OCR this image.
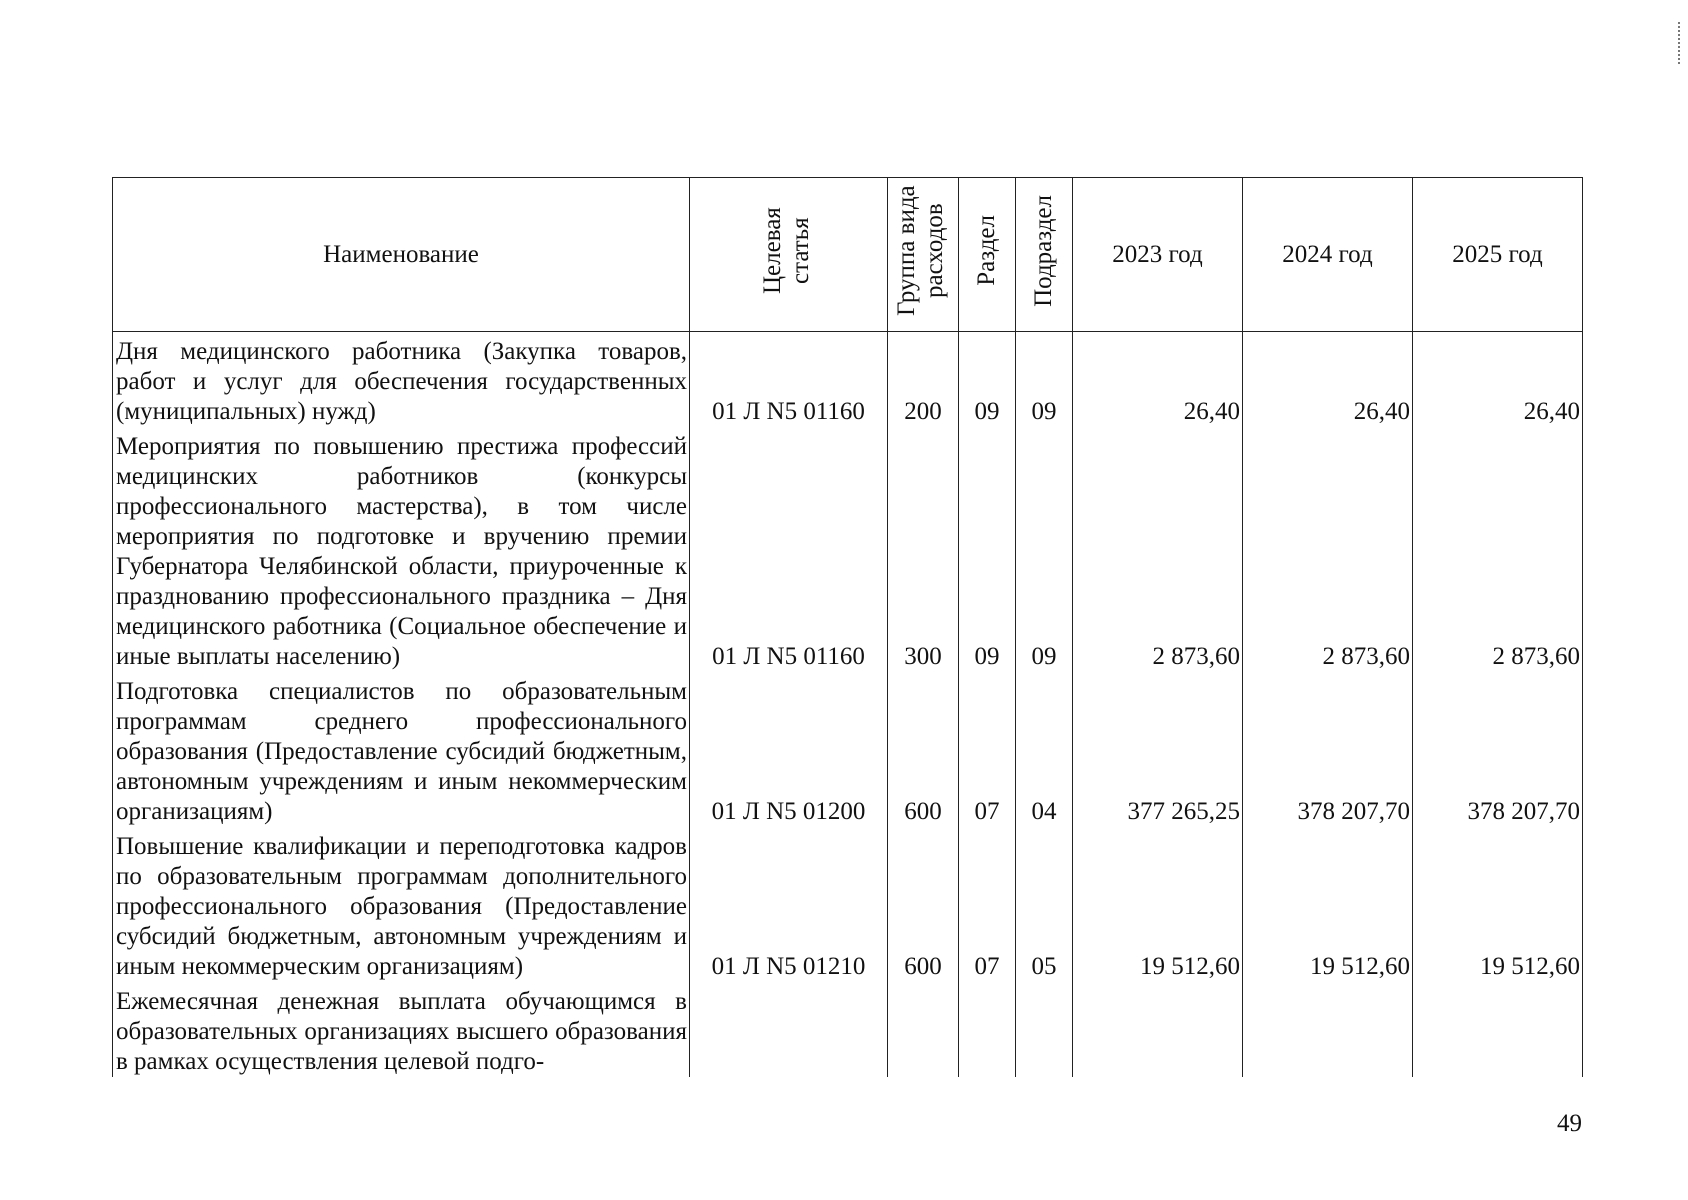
Наименование	Целевая статья	Группа вида расходов	Раздел	Подраздел	2023 год	2024 год	2025 год
Дня медицинского работника (Закупка товаров, работ и услуг для обеспечения государственных (муниципальных) нужд)	01 Л N5 01160	200	09	09	26,40	26,40	26,40
Мероприятия по повышению престижа профессий медицинских работников (конкурсы профессионального мастерства), в том числе мероприятия по подготовке и вручению премии Губернатора Челябинской области, приуроченные к празднованию профессионального праздника – Дня медицинского работника (Социальное обеспечение и иные выплаты населению)	01 Л N5 01160	300	09	09	2 873,60	2 873,60	2 873,60
Подготовка специалистов по образовательным программам среднего профессионального образования (Предоставление субсидий бюджетным, автономным учреждениям и иным некоммерческим организациям)	01 Л N5 01200	600	07	04	377 265,25	378 207,70	378 207,70
Повышение квалификации и переподготовка кадров по образовательным программам дополнительного профессионального образования (Предоставление субсидий бюджетным, автономным учреждениям и иным некоммерческим организациям)	01 Л N5 01210	600	07	05	19 512,60	19 512,60	19 512,60
Ежемесячная денежная выплата обучающимся в образовательных организациях высшего образования в рамках осуществления целевой подго-							
49
